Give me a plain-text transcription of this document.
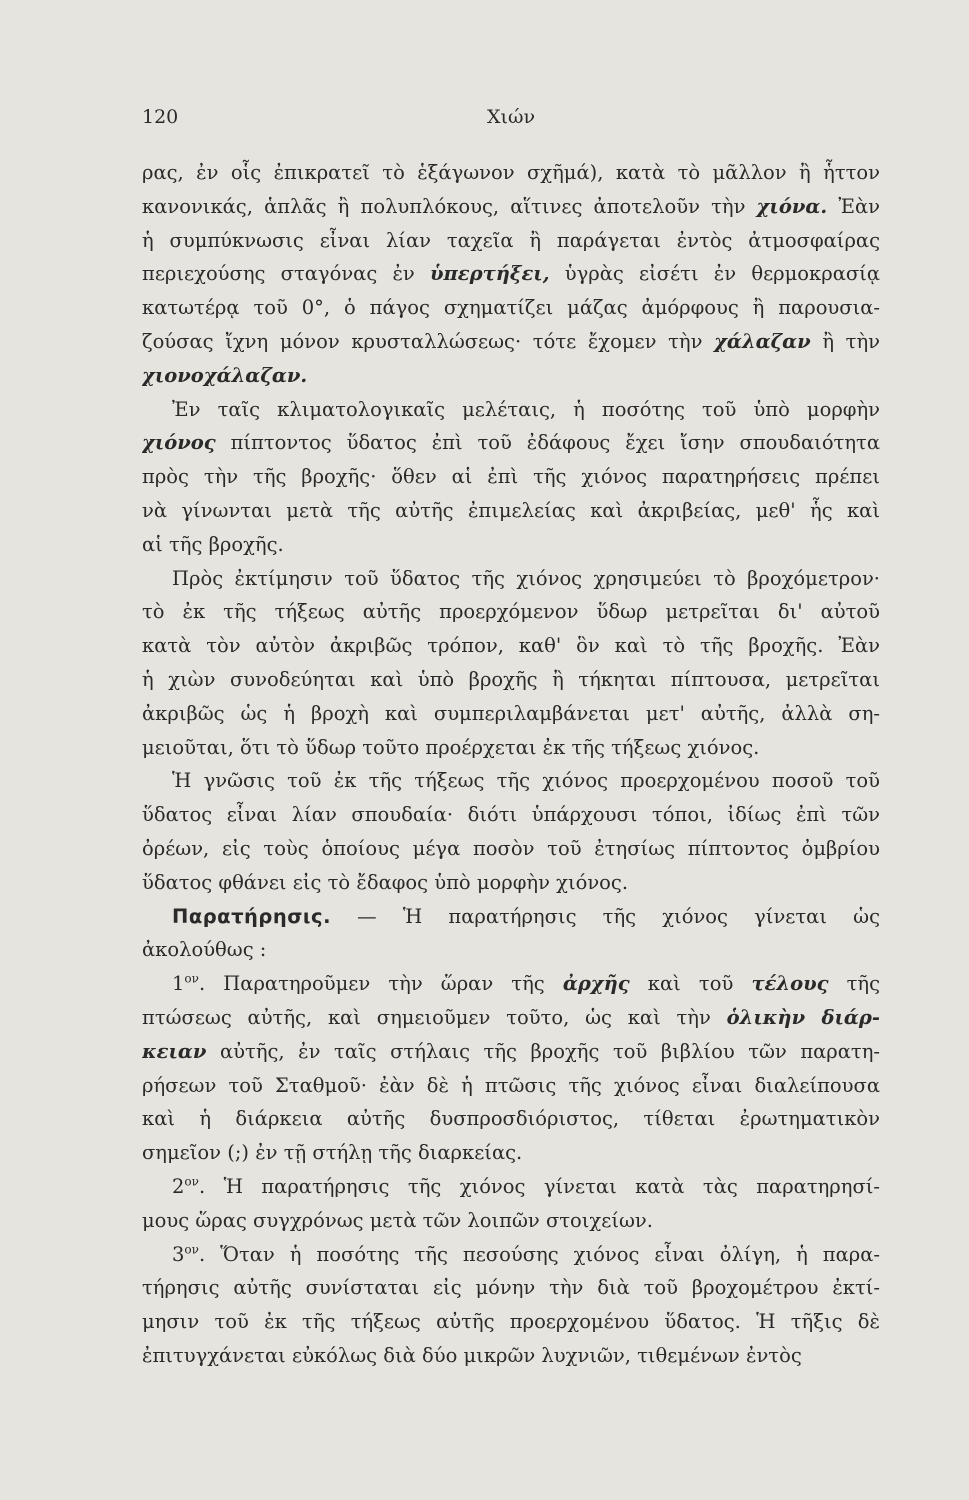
120	Χιών
ρας, ἐν οἷς ἐπικρατεῖ τὸ ἑξάγωνον σχῆμά), κατὰ τὸ μᾶλλον ἢ ἧττον
κανονικάς, ἁπλᾶς ἢ πολυπλόκους, αἵτινες ἀποτελοῦν τὴν χιόνα. Ἐὰν
ἡ συμπύκνωσις εἶναι λίαν ταχεῖα ἢ παράγεται ἐντὸς ἀτμοσφαίρας
περιεχούσης σταγόνας ἐν ὑπερτήξει, ὑγρὰς εἰσέτι ἐν θερμοκρασίᾳ
κατωτέρᾳ τοῦ 0°, ὁ πάγος σχηματίζει μάζας ἀμόρφους ἢ παρουσια-
ζούσας ἴχνη μόνον κρυσταλλώσεως· τότε ἔχομεν τὴν χάλαζαν ἢ τὴν
χιονοχάλαζαν.
Ἐν ταῖς κλιματολογικαῖς μελέταις, ἡ ποσότης τοῦ ὑπὸ μορφὴν
χιόνος πίπτοντος ὕδατος ἐπὶ τοῦ ἐδάφους ἔχει ἴσην σπουδαιότητα
πρὸς τὴν τῆς βροχῆς· ὅθεν αἱ ἐπὶ τῆς χιόνος παρατηρήσεις πρέπει
νὰ γίνωνται μετὰ τῆς αὐτῆς ἐπιμελείας καὶ ἀκριβείας, μεθ' ἧς καὶ
αἱ τῆς βροχῆς.
Πρὸς ἐκτίμησιν τοῦ ὕδατος τῆς χιόνος χρησιμεύει τὸ βροχόμετρον·
τὸ ἐκ τῆς τήξεως αὐτῆς προερχόμενον ὕδωρ μετρεῖται δι' αὐτοῦ
κατὰ τὸν αὐτὸν ἀκριβῶς τρόπον, καθ' ὃν καὶ τὸ τῆς βροχῆς. Ἐὰν
ἡ χιὼν συνοδεύηται καὶ ὑπὸ βροχῆς ἢ τήκηται πίπτουσα, μετρεῖται
ἀκριβῶς ὡς ἡ βροχὴ καὶ συμπεριλαμβάνεται μετ' αὐτῆς, ἀλλὰ ση-
μειοῦται, ὅτι τὸ ὕδωρ τοῦτο προέρχεται ἐκ τῆς τήξεως χιόνος.
Ἡ γνῶσις τοῦ ἐκ τῆς τήξεως τῆς χιόνος προερχομένου ποσοῦ τοῦ
ὕδατος εἶναι λίαν σπουδαία· διότι ὑπάρχουσι τόποι, ἰδίως ἐπὶ τῶν
ὀρέων, εἰς τοὺς ὁποίους μέγα ποσὸν τοῦ ἐτησίως πίπτοντος ὀμβρίου
ὕδατος φθάνει εἰς τὸ ἔδαφος ὑπὸ μορφὴν χιόνος.
Παρατήρησις. — Ἡ παρατήρησις τῆς χιόνος γίνεται ὡς
ἀκολούθως :
$1^{o\nu}$. Παρατηροῦμεν τὴν ὥραν τῆς ἀρχῆς καὶ τοῦ τέλους τῆς
πτώσεως αὐτῆς, καὶ σημειοῦμεν τοῦτο, ὡς καὶ τὴν ὁλικὴν διάρ-
κειαν αὐτῆς, ἐν ταῖς στήλαις τῆς βροχῆς τοῦ βιβλίου τῶν παρατη-
ρήσεων τοῦ Σταθμοῦ· ἐὰν δὲ ἡ πτῶσις τῆς χιόνος εἶναι διαλείπουσα
καὶ ἡ διάρκεια αὐτῆς δυσπροσδιόριστος, τίθεται ἐρωτηματικὸν
σημεῖον (;) ἐν τῇ στήλῃ τῆς διαρκείας.
$2^{o\nu}$. Ἡ παρατήρησις τῆς χιόνος γίνεται κατὰ τὰς παρατηρησί-
μους ὥρας συγχρόνως μετὰ τῶν λοιπῶν στοιχείων.
$3^{o\nu}$. Ὅταν ἡ ποσότης τῆς πεσούσης χιόνος εἶναι ὀλίγη, ἡ παρα-
τήρησις αὐτῆς συνίσταται εἰς μόνην τὴν διὰ τοῦ βροχομέτρου ἐκτί-
μησιν τοῦ ἐκ τῆς τήξεως αὐτῆς προερχομένου ὕδατος. Ἡ τῆξις δὲ
ἐπιτυγχάνεται εὐκόλως διὰ δύο μικρῶν λυχνιῶν, τιθεμένων ἐντὸς
